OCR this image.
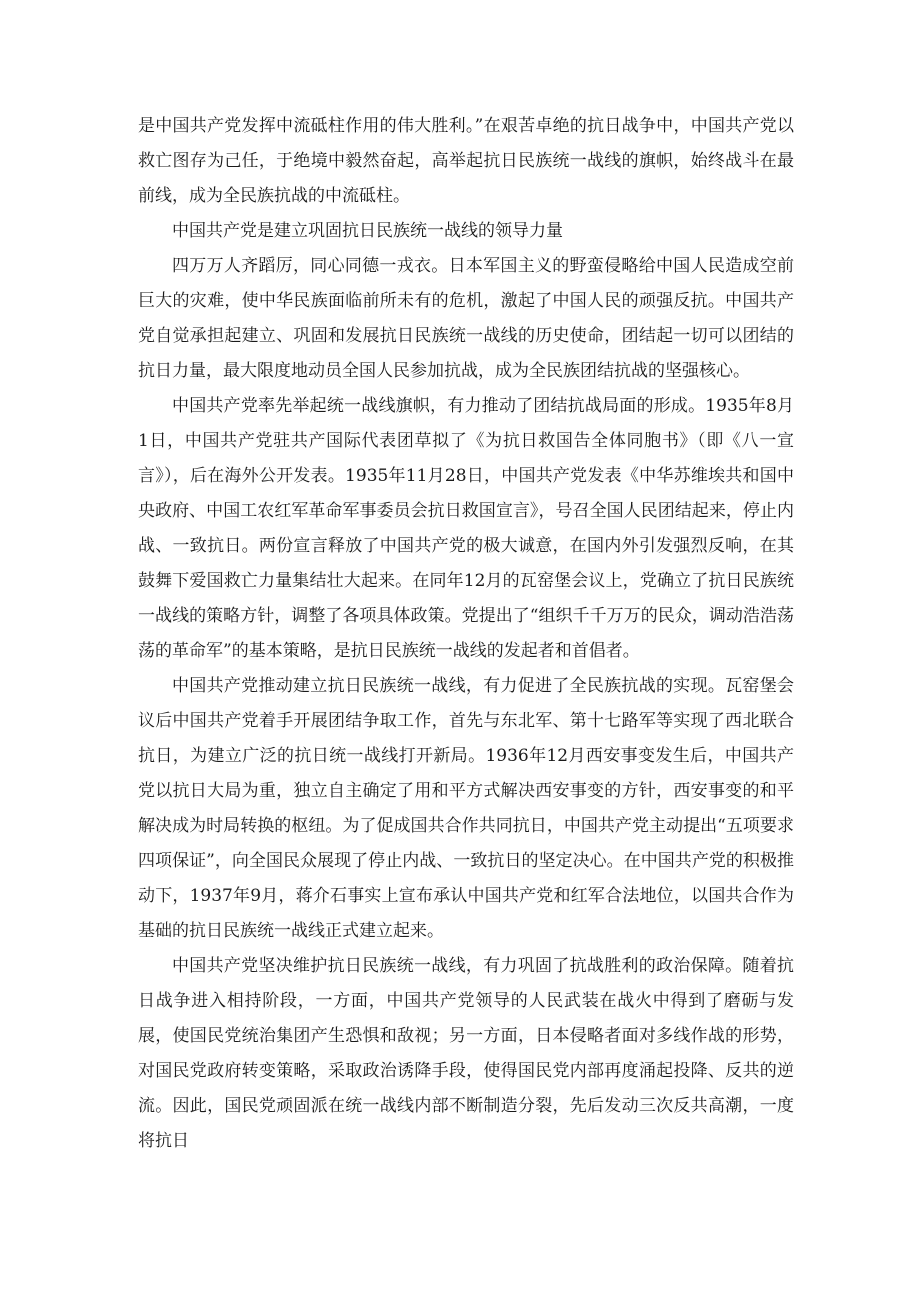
是中国共产党发挥中流砥柱作用的伟大胜利。”在艰苦卓绝的抗日战争中，中国共产党以救亡图存为己任，于绝境中毅然奋起，高举起抗日民族统一战线的旗帜，始终战斗在最前线，成为全民族抗战的中流砥柱。

中国共产党是建立巩固抗日民族统一战线的领导力量

四万万人齐蹈厉，同心同德一戎衣。日本军国主义的野蛮侵略给中国人民造成空前巨大的灾难，使中华民族面临前所未有的危机，激起了中国人民的顽强反抗。中国共产党自觉承担起建立、巩固和发展抗日民族统一战线的历史使命，团结起一切可以团结的抗日力量，最大限度地动员全国人民参加抗战，成为全民族团结抗战的坚强核心。

中国共产党率先举起统一战线旗帜，有力推动了团结抗战局面的形成。1935年8月1日，中国共产党驻共产国际代表团草拟了《为抗日救国告全体同胞书》（即《八一宣言》），后在海外公开发表。1935年11月28日，中国共产党发表《中华苏维埃共和国中央政府、中国工农红军革命军事委员会抗日救国宣言》，号召全国人民团结起来，停止内战、一致抗日。两份宣言释放了中国共产党的极大诚意，在国内外引发强烈反响，在其鼓舞下爱国救亡力量集结壮大起来。在同年12月的瓦窑堡会议上，党确立了抗日民族统一战线的策略方针，调整了各项具体政策。党提出了“组织千千万万的民众，调动浩浩荡荡的革命军”的基本策略，是抗日民族统一战线的发起者和首倡者。

中国共产党推动建立抗日民族统一战线，有力促进了全民族抗战的实现。瓦窑堡会议后中国共产党着手开展团结争取工作，首先与东北军、第十七路军等实现了西北联合抗日，为建立广泛的抗日统一战线打开新局。1936年12月西安事变发生后，中国共产党以抗日大局为重，独立自主确定了用和平方式解决西安事变的方针，西安事变的和平解决成为时局转换的枢纽。为了促成国共合作共同抗日，中国共产党主动提出“五项要求四项保证”，向全国民众展现了停止内战、一致抗日的坚定决心。在中国共产党的积极推动下，1937年9月，蒋介石事实上宣布承认中国共产党和红军合法地位，以国共合作为基础的抗日民族统一战线正式建立起来。

中国共产党坚决维护抗日民族统一战线，有力巩固了抗战胜利的政治保障。随着抗日战争进入相持阶段，一方面，中国共产党领导的人民武装在战火中得到了磨砺与发展，使国民党统治集团产生恐惧和敌视；另一方面，日本侵略者面对多线作战的形势，对国民党政府转变策略，采取政治诱降手段，使得国民党内部再度涌起投降、反共的逆流。因此，国民党顽固派在统一战线内部不断制造分裂，先后发动三次反共高潮，一度将抗日
